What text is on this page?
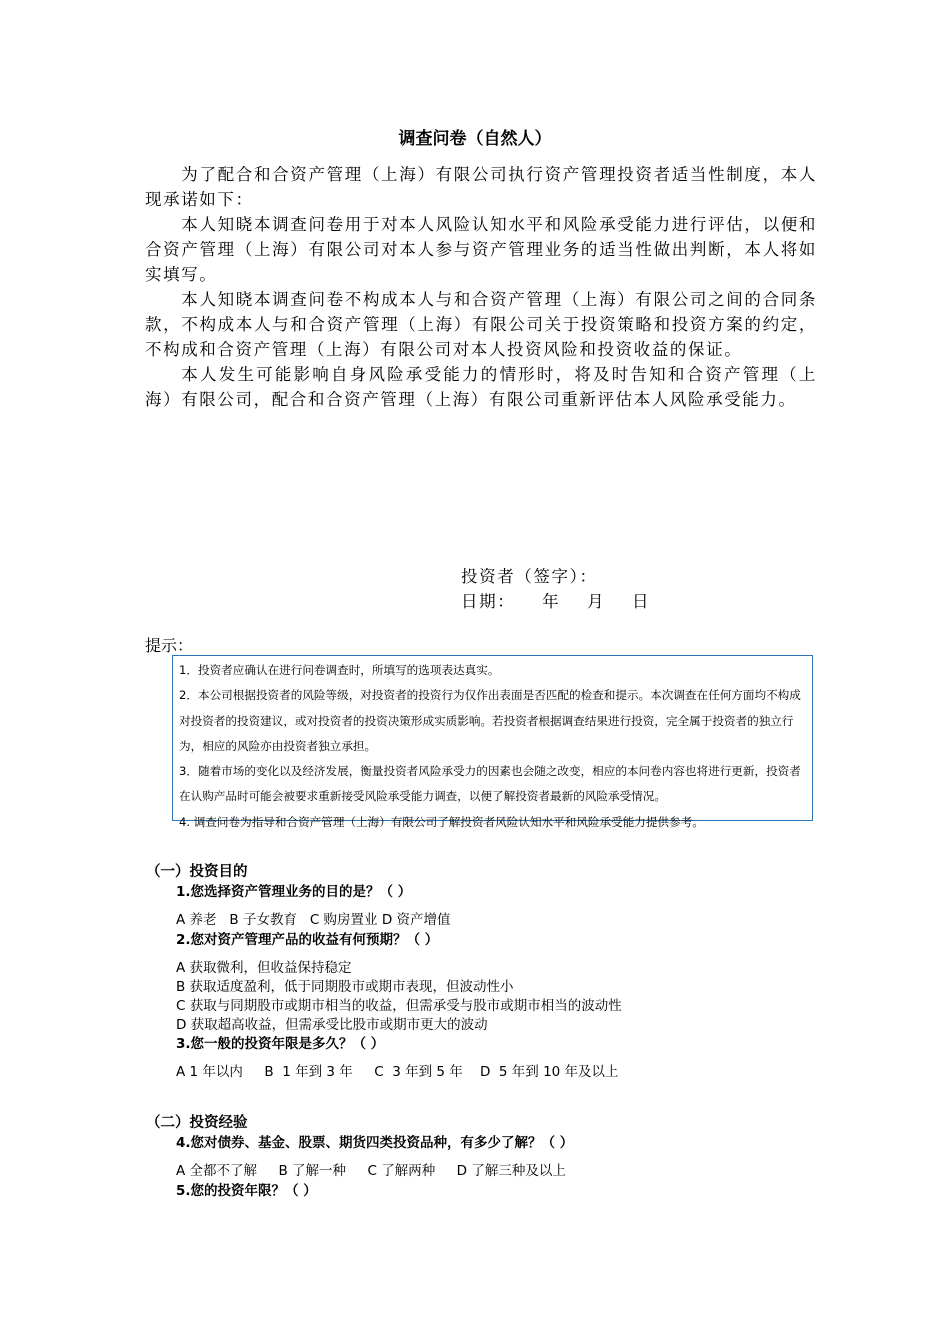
调查问卷（自然人）

为了配合和合资产管理（上海）有限公司执行资产管理投资者适当性制度，本人现承诺如下：

本人知晓本调查问卷用于对本人风险认知水平和风险承受能力进行评估，以便和合资产管理（上海）有限公司对本人参与资产管理业务的适当性做出判断，本人将如实填写。

本人知晓本调查问卷不构成本人与和合资产管理（上海）有限公司之间的合同条款，不构成本人与和合资产管理（上海）有限公司关于投资策略和投资方案的约定，不构成和合资产管理（上海）有限公司对本人投资风险和投资收益的保证。

本人发生可能影响自身风险承受能力的情形时，将及时告知和合资产管理（上海）有限公司，配合和合资产管理（上海）有限公司重新评估本人风险承受能力。

投资者（签字）：
日期： 年 月 日
提示：

1．投资者应确认在进行问卷调查时，所填写的选项表达真实。

2．本公司根据投资者的风险等级，对投资者的投资行为仅作出表面是否匹配的检查和提示。本次调查在任何方面均不构成对投资者的投资建议，或对投资者的投资决策形成实质影响。若投资者根据调查结果进行投资，完全属于投资者的独立行为，相应的风险亦由投资者独立承担。

3．随着市场的变化以及经济发展，衡量投资者风险承受力的因素也会随之改变，相应的本问卷内容也将进行更新，投资者在认购产品时可能会被要求重新接受风险承受能力调查，以便了解投资者最新的风险承受情况。

4. 调查问卷为指导和合资产管理（上海）有限公司了解投资者风险认知水平和风险承受能力提供参考。

（一）投资目的
1.您选择资产管理业务的目的是？（ ）
A 养老   B 子女教育   C 购房置业 D 资产增值
2.您对资产管理产品的收益有何预期？（ ）
A 获取微利，但收益保持稳定
B 获取适度盈利，低于同期股市或期市表现，但波动性小
C 获取与同期股市或期市相当的收益，但需承受与股市或期市相当的波动性
D 获取超高收益，但需承受比股市或期市更大的波动
3.您一般的投资年限是多久？（ ）
A 1 年以内     B  1 年到 3 年     C  3 年到 5 年    D  5 年到 10 年及以上
（二）投资经验
4.您对债券、基金、股票、期货四类投资品种，有多少了解？（ ）
A 全都不了解     B 了解一种     C 了解两种     D 了解三种及以上
5.您的投资年限？（ ）
